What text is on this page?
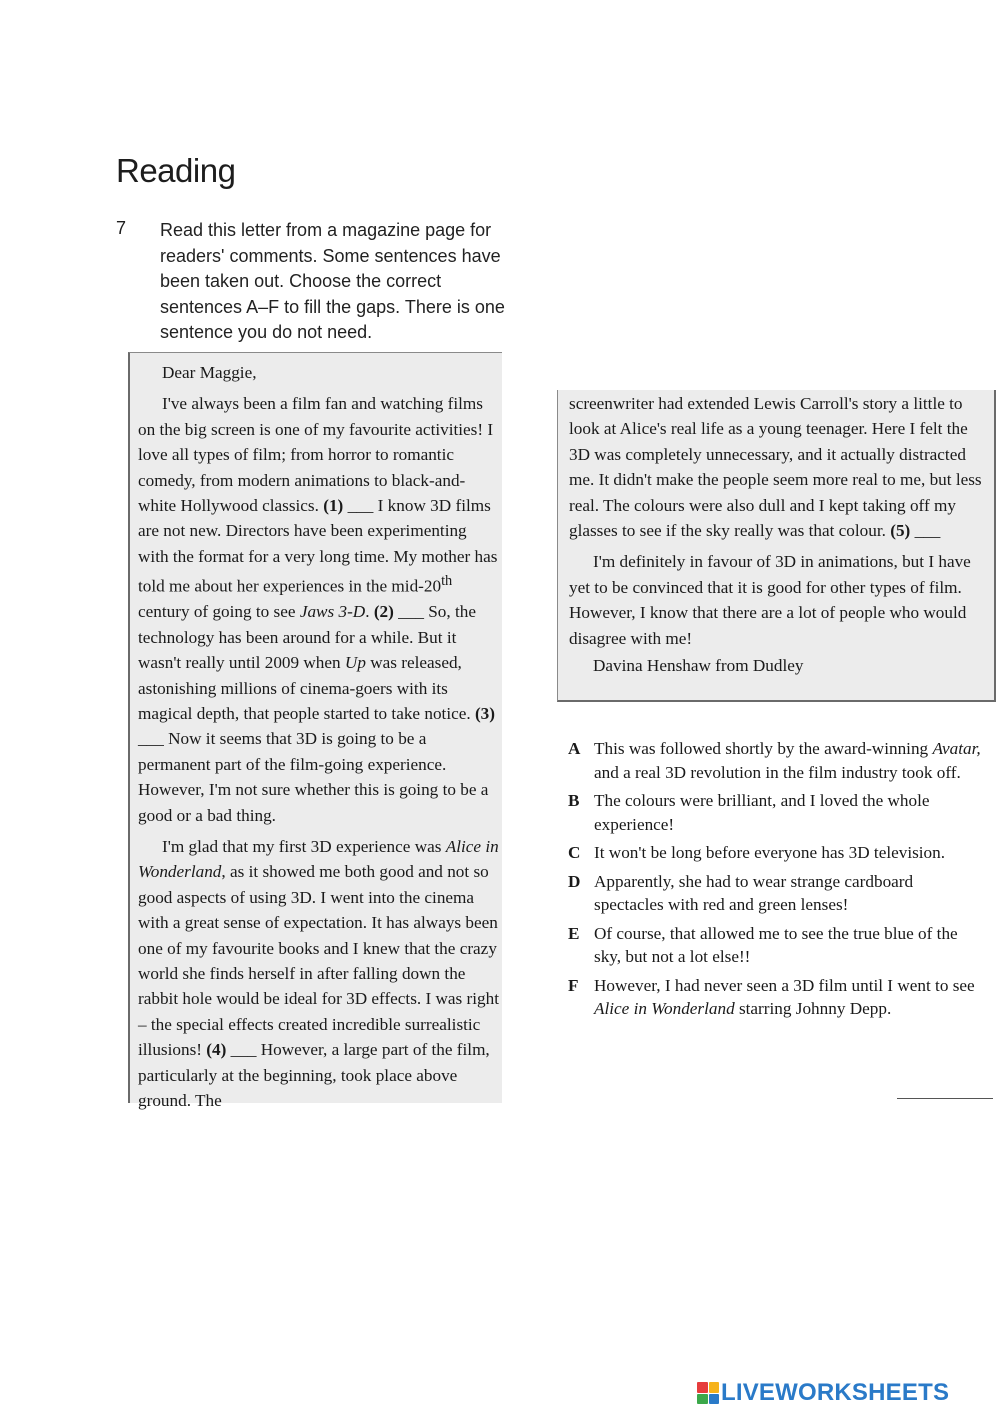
Reading
7 Read this letter from a magazine page for readers' comments. Some sentences have been taken out. Choose the correct sentences A–F to fill the gaps. There is one sentence you do not need.

Dear Maggie,

I've always been a film fan and watching films on the big screen is one of my favourite activities! I love all types of film; from horror to romantic comedy, from modern animations to black-and-white Hollywood classics. (1) ___ I know 3D films are not new. Directors have been experimenting with the format for a very long time. My mother has told me about her experiences in the mid-20th century of going to see Jaws 3-D. (2) ___ So, the technology has been around for a while. But it wasn't really until 2009 when Up was released, astonishing millions of cinema-goers with its magical depth, that people started to take notice. (3) ___ Now it seems that 3D is going to be a permanent part of the film-going experience. However, I'm not sure whether this is going to be a good or a bad thing.

I'm glad that my first 3D experience was Alice in Wonderland, as it showed me both good and not so good aspects of using 3D. I went into the cinema with a great sense of expectation. It has always been one of my favourite books and I knew that the crazy world she finds herself in after falling down the rabbit hole would be ideal for 3D effects. I was right – the special effects created incredible surrealistic illusions! (4) ___ However, a large part of the film, particularly at the beginning, took place above ground. The

screenwriter had extended Lewis Carroll's story a little to look at Alice's real life as a young teenager. Here I felt the 3D was completely unnecessary, and it actually distracted me. It didn't make the people seem more real to me, but less real. The colours were also dull and I kept taking off my glasses to see if the sky really was that colour. (5) ___

I'm definitely in favour of 3D in animations, but I have yet to be convinced that it is good for other types of film. However, I know that there are a lot of people who would disagree with me!

Davina Henshaw from Dudley

A This was followed shortly by the award-winning Avatar, and a real 3D revolution in the film industry took off.
B The colours were brilliant, and I loved the whole experience!
C It won't be long before everyone has 3D television.
D Apparently, she had to wear strange cardboard spectacles with red and green lenses!
E Of course, that allowed me to see the true blue of the sky, but not a lot else!!
F However, I had never seen a 3D film until I went to see Alice in Wonderland starring Johnny Depp.
LIVEWORKSHEETS
